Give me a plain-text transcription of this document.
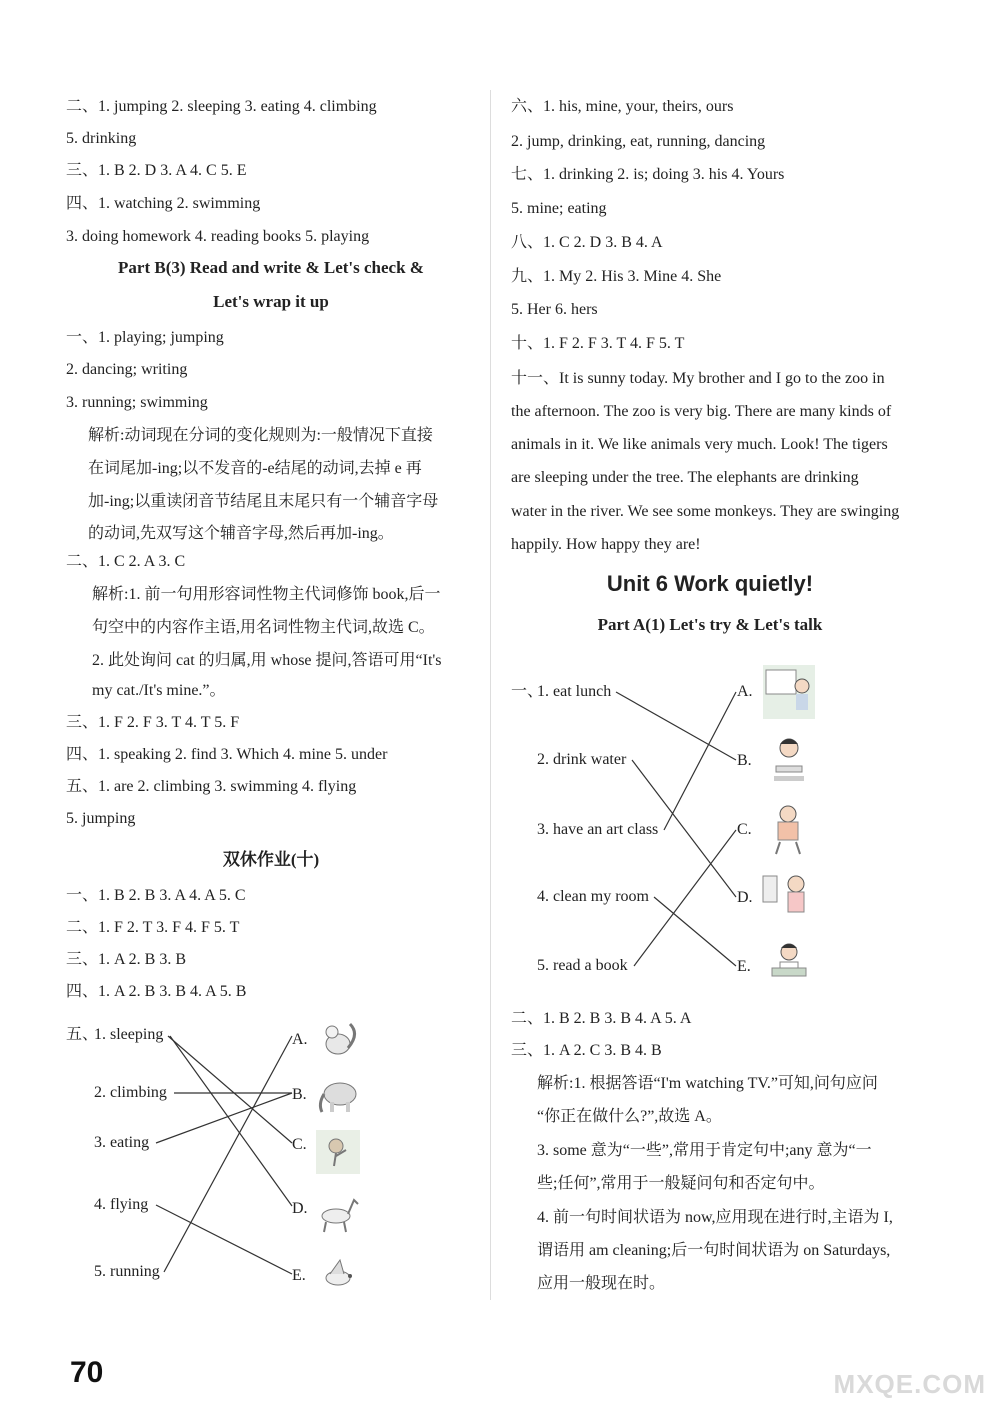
二、1. jumping 2. sleeping 3. eating 4. climbing
5. drinking
三、1. B 2. D 3. A 4. C 5. E
四、1. watching 2. swimming
3. doing homework 4. reading books 5. playing
Part B(3) Read and write & Let's check &
Let's wrap it up
一、1. playing; jumping
2. dancing; writing
3. running; swimming
解析:动词现在分词的变化规则为:一般情况下直接
在词尾加-ing;以不发音的-e结尾的动词,去掉 e 再
加-ing;以重读闭音节结尾且末尾只有一个辅音字母
的动词,先双写这个辅音字母,然后再加-ing。
二、1. C 2. A 3. C
解析:1. 前一句用形容词性物主代词修饰 book,后一
句空中的内容作主语,用名词性物主代词,故选 C。
2. 此处询问 cat 的归属,用 whose 提问,答语可用“It's
my cat./It's mine.”。
三、1. F 2. F 3. T 4. T 5. F
四、1. speaking 2. find 3. Which 4. mine 5. under
五、1. are 2. climbing 3. swimming 4. flying
5. jumping
双休作业(十)
一、1. B 2. B 3. A 4. A 5. C
二、1. F 2. T 3. F 4. F 5. T
三、1. A 2. B 3. B
四、1. A 2. B 3. B 4. A 5. B
五、
1. sleeping
2. climbing
3. eating
4. flying
5. running
A.
B.
C.
D.
E.
六、1. his, mine, your, theirs, ours
2. jump, drinking, eat, running, dancing
七、1. drinking 2. is; doing 3. his 4. Yours
5. mine; eating
八、1. C 2. D 3. B 4. A
九、1. My 2. His 3. Mine 4. She
5. Her 6. hers
十、1. F 2. F 3. T 4. F 5. T
十一、It is sunny today. My brother and I go to the zoo in
the afternoon. The zoo is very big. There are many kinds of
animals in it. We like animals very much. Look! The tigers
are sleeping under the tree. The elephants are drinking
water in the river. We see some monkeys. They are swinging
happily. How happy they are!
Unit 6 Work quietly!
Part A(1) Let's try & Let's talk
一、
1. eat lunch
2. drink water
3. have an art class
4. clean my room
5. read a book
A.
B.
C.
D.
E.
二、1. B 2. B 3. B 4. A 5. A
三、1. A 2. C 3. B 4. B
解析:1. 根据答语“I'm watching TV.”可知,问句应问
“你正在做什么?”,故选 A。
3. some 意为“一些”,常用于肯定句中;any 意为“一
些;任何”,常用于一般疑问句和否定句中。
4. 前一句时间状语为 now,应用现在进行时,主语为 I,
谓语用 am cleaning;后一句时间状语为 on Saturdays,
应用一般现在时。
70	MXQE.COM
